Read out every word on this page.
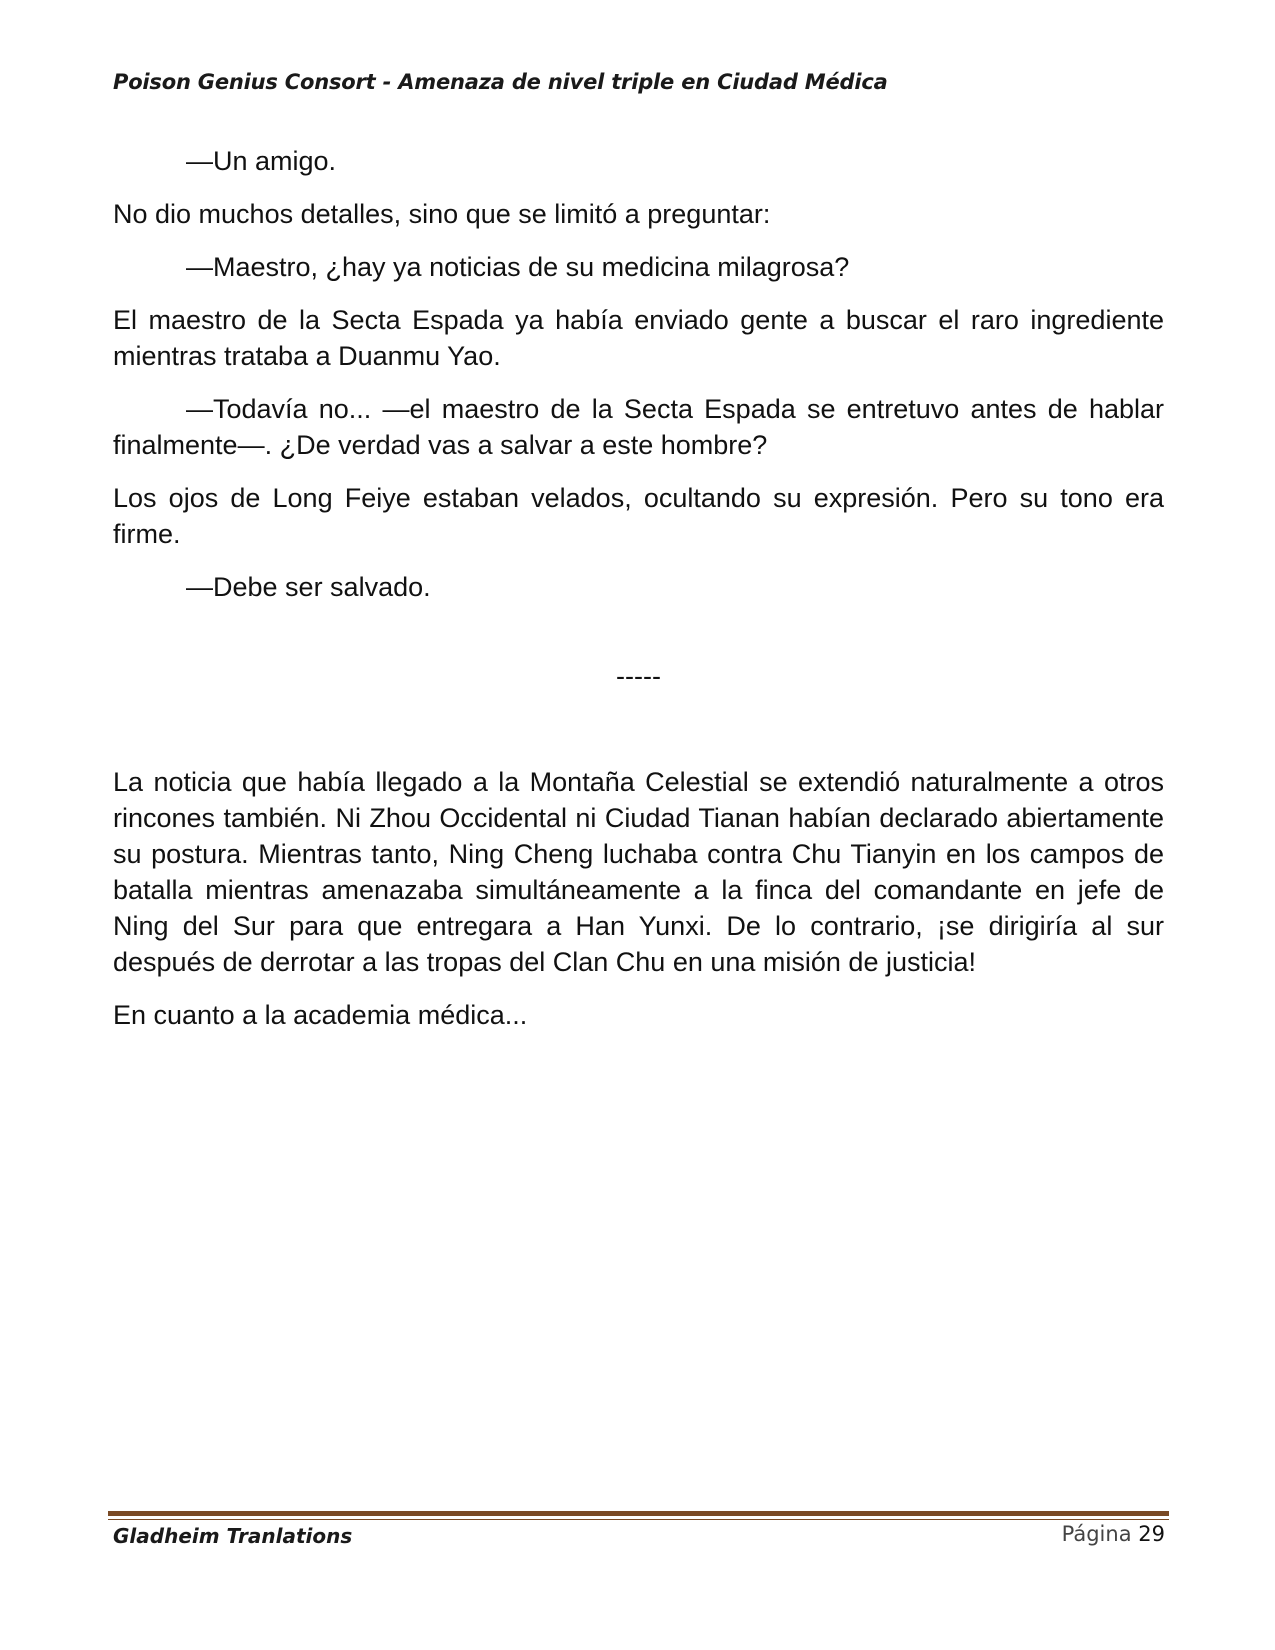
Poison Genius Consort - Amenaza de nivel triple en Ciudad Médica

—Un amigo.

No dio muchos detalles, sino que se limitó a preguntar:

—Maestro, ¿hay ya noticias de su medicina milagrosa?

El maestro de la Secta Espada ya había enviado gente a buscar el raro ingrediente mientras trataba a Duanmu Yao.

—Todavía no... —el maestro de la Secta Espada se entretuvo antes de hablar finalmente—. ¿De verdad vas a salvar a este hombre?

Los ojos de Long Feiye estaban velados, ocultando su expresión. Pero su tono era firme.

—Debe ser salvado.

-----

La noticia que había llegado a la Montaña Celestial se extendió naturalmente a otros rincones también. Ni Zhou Occidental ni Ciudad Tianan habían declarado abiertamente su postura. Mientras tanto, Ning Cheng luchaba contra Chu Tianyin en los campos de batalla mientras amenazaba simultáneamente a la finca del comandante en jefe de Ning del Sur para que entregara a Han Yunxi. De lo contrario, ¡se dirigiría al sur después de derrotar a las tropas del Clan Chu en una misión de justicia!

En cuanto a la academia médica...

Gladheim Tranlations	Página 29
